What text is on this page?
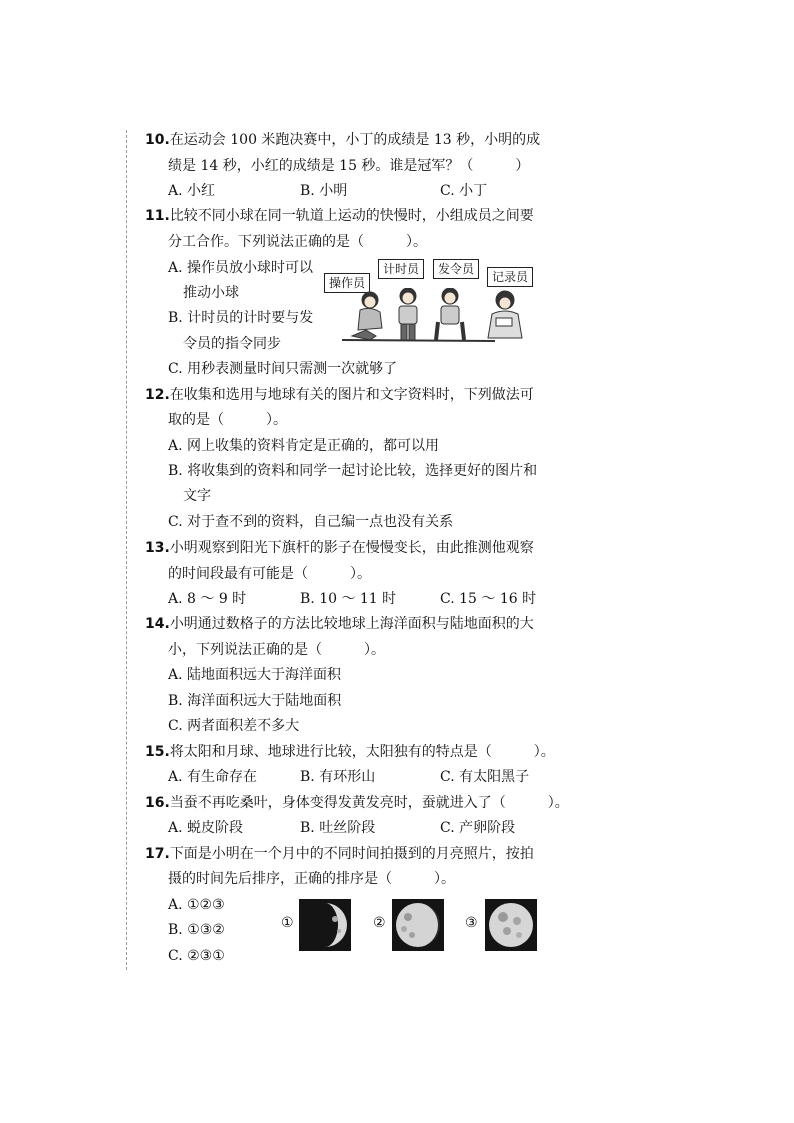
10.在运动会 100 米跑决赛中，小丁的成绩是 13 秒，小明的成
绩是 14 秒，小红的成绩是 15 秒。谁是冠军？（　　　）
A. 小红	B. 小明	C. 小丁
11.比较不同小球在同一轨道上运动的快慢时，小组成员之间要
分工合作。下列说法正确的是（　　　）。
A. 操作员放小球时可以
推动小球
B. 计时员的计时要与发
令员的指令同步
C. 用秒表测量时间只需测一次就够了
操作员
计时员	发令员
记录员
12.在收集和选用与地球有关的图片和文字资料时，下列做法可
取的是（　　　）。
A. 网上收集的资料肯定是正确的，都可以用
B. 将收集到的资料和同学一起讨论比较，选择更好的图片和
文字
C. 对于查不到的资料，自己编一点也没有关系
13.小明观察到阳光下旗杆的影子在慢慢变长，由此推测他观察
的时间段最有可能是（　　　）。
A. 8 ～ 9 时	B. 10 ～ 11 时	C. 15 ～ 16 时
14.小明通过数格子的方法比较地球上海洋面积与陆地面积的大
小，下列说法正确的是（　　　）。
A. 陆地面积远大于海洋面积
B. 海洋面积远大于陆地面积
C. 两者面积差不多大
15.将太阳和月球、地球进行比较，太阳独有的特点是（　　　）。
A. 有生命存在	B. 有环形山	C. 有太阳黑子
16.当蚕不再吃桑叶，身体变得发黄发亮时，蚕就进入了（　　　）。
A. 蜕皮阶段	B. 吐丝阶段	C. 产卵阶段
17.下面是小明在一个月中的不同时间拍摄到的月亮照片，按拍
摄的时间先后排序，正确的排序是（　　　）。
A. ①②③
B. ①③②
C. ②③①
①	②	③
